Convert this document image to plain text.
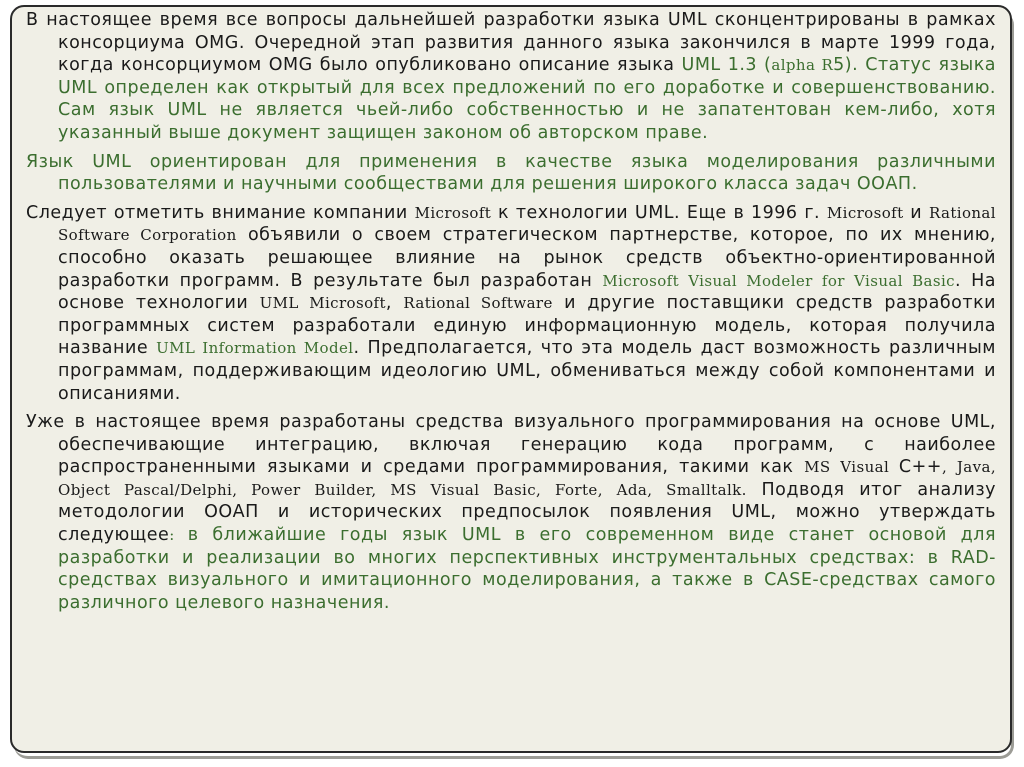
В настоящее время все вопросы дальнейшей разработки языка UML сконцентрированы в рамках консорциума OMG. Очередной этап развития данного языка закончился в марте 1999 года, когда консорциумом OMG было опубликовано описание языка UML 1.3 (alpha R5). Статус языка UML определен как открытый для всех предложений по его доработке и совершенствованию. Сам язык UML не является чьей-либо собственностью и не запатентован кем-либо, хотя указанный выше документ защищен законом об авторском праве.

Язык UML ориентирован для применения в качестве языка моделирования различными пользователями и научными сообществами для решения широкого класса задач ООАП.

Следует отметить внимание компании Microsoft к технологии UML. Еще в 1996 г. Microsoft и Rational Software Corporation объявили о своем стратегическом партнерстве, которое, по их мнению, способно оказать решающее влияние на рынок средств объектно-ориентированной разработки программ. В результате был разработан Microsoft Visual Modeler for Visual Basic. На основе технологии UML Microsoft, Rational Software и другие поставщики средств разработки программных систем разработали единую информационную модель, которая получила название UML Information Model. Предполагается, что эта модель даст возможность различным программам, поддерживающим идеологию UML, обмениваться между собой компонентами и описаниями.

Уже в настоящее время разработаны средства визуального программирования на основе UML, обеспечивающие интеграцию, включая генерацию кода программ, с наиболее распространенными языками и средами программирования, такими как MS Visual C++, Java, Object Pascal/Delphi, Power Builder, MS Visual Basic, Forte, Ada, Smalltalk. Подводя итог анализу методологии ООАП и исторических предпосылок появления UML, можно утверждать следующее: в ближайшие годы язык UML в его современном виде станет основой для разработки и реализации во многих перспективных инструментальных средствах: в RAD-средствах визуального и имитационного моделирования, а также в CASE-средствах самого различного целевого назначения.
